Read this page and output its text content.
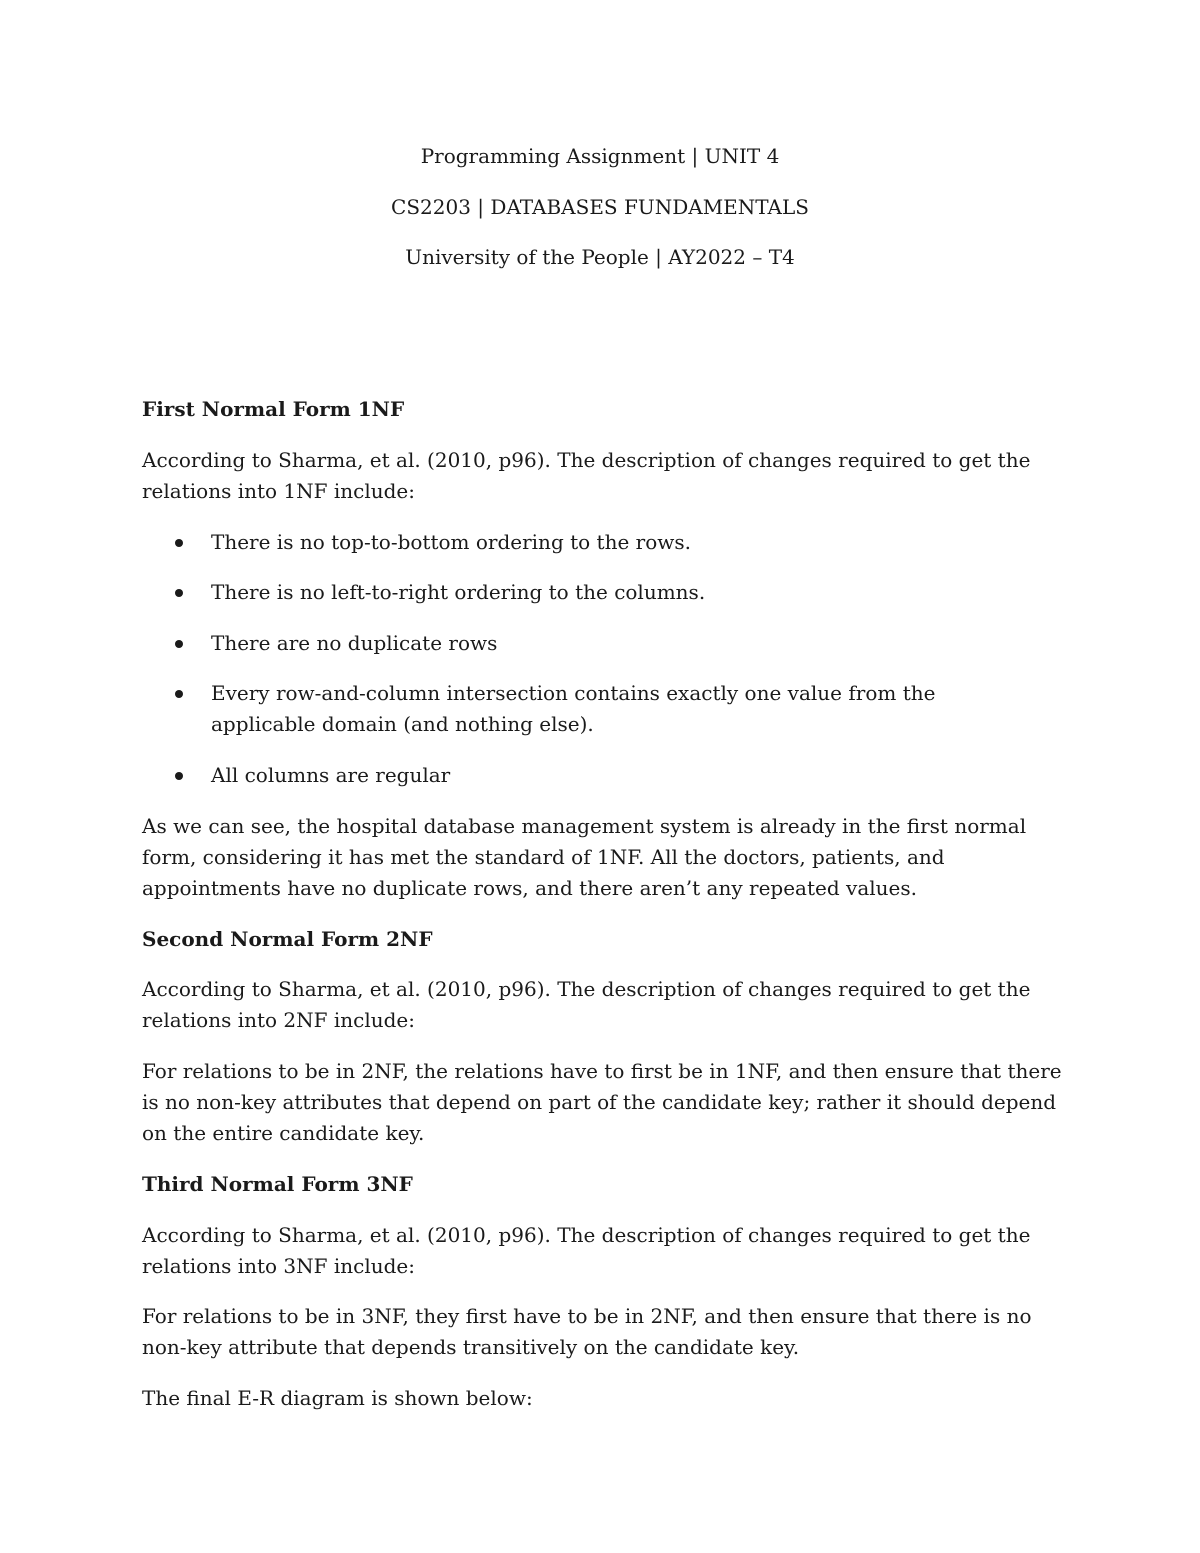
Programming Assignment | UNIT 4
CS2203 | DATABASES FUNDAMENTALS
University of the People | AY2022 – T4
First Normal Form 1NF

According to Sharma, et al. (2010, p96). The description of changes required to get the relations into 1NF include:

There is no top-to-bottom ordering to the rows.
There is no left-to-right ordering to the columns.
There are no duplicate rows
Every row-and-column intersection contains exactly one value from the applicable domain (and nothing else).
All columns are regular

As we can see, the hospital database management system is already in the first normal form, considering it has met the standard of 1NF. All the doctors, patients, and appointments have no duplicate rows, and there aren’t any repeated values.

Second Normal Form 2NF

According to Sharma, et al. (2010, p96). The description of changes required to get the relations into 2NF include:

For relations to be in 2NF, the relations have to first be in 1NF, and then ensure that there is no non-key attributes that depend on part of the candidate key; rather it should depend on the entire candidate key.

Third Normal Form 3NF

According to Sharma, et al. (2010, p96). The description of changes required to get the relations into 3NF include:

For relations to be in 3NF, they first have to be in 2NF, and then ensure that there is no non-key attribute that depends transitively on the candidate key.

The final E-R diagram is shown below:
